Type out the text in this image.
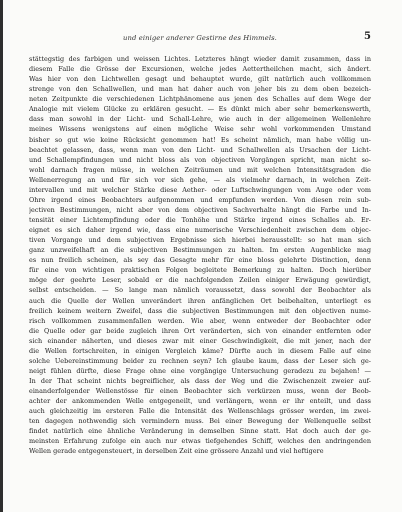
und einiger anderer Gestirne des Himmels.	5
stättegstig des farbigen und weissen Lichtes. Letzteres hängt wieder damit zusammen, dass in
diesem Falle die Grösse der Excursionen, welche jedes Aettertheilchen macht, sich ändert.
Was hier von den Lichtwellen gesagt und behauptet wurde, gilt natürlich auch vollkommen
strenge von den Schallwellen, und man hat daher auch von jeher bis zu dem oben bezeich-
neten Zeitpunkte die verschiedenen Lichtphänomene aus jenen des Schalles auf dem Wege der
Analogie mit vielem Glücke zu erklären gesucht. — Es dünkt mich aber sehr bemerkenswerth,
dass man sowohl in der Licht- und Schall-Lehre, wie auch in der allgemeinen Wellenlehre
meines Wissens wenigstens auf einen mögliche Weise sehr wohl vorkommenden Umstand
bisher so gut wie keine Rücksicht genommen hat! Es scheint nämlich, man habe völlig un-
beachtet gelassen, dass, wenn man von den Licht- und Schallwellen als Ursachen der Licht-
und Schallempfindungen und nicht bloss als von objectiven Vorgängen spricht, man nicht so-
wohl darnach fragen müsse, in welchen Zeiträumen und mit welchen Intensitätsgraden die
Wellenerregung an und für sich vor sich gehe, — als vielmehr darnach, in welchen Zeit-
intervallen und mit welcher Stärke diese Aether- oder Luftschwingungen vom Auge oder vom
Ohre irgend eines Beobachters aufgenommen und empfunden werden. Von diesen rein sub-
jectiven Bestimmungen, nicht aber von dem objectiven Sachverhalte hängt die Farbe und In-
tensität einer Lichtempfindung oder die Tonhöhe und Stärke irgend eines Schalles ab. Er-
eignet es sich daher irgend wie, dass eine numerische Verschiedenheit zwischen dem objec-
tiven Vorgange und dem subjectiven Ergebnisse sich hierbei herausstellt: so hat man sich
ganz unzweifelhaft an die subjectiven Bestimmungen zu halten. Im ersten Augenblicke mag
es nun freilich scheinen, als sey das Gesagte mehr für eine bloss gelehrte Distinction, denn
für eine von wichtigen praktischen Folgen begleitete Bemerkung zu halten. Doch hierüber
möge der geehrte Leser, sobald er die nachfolgenden Zeilen einiger Erwägung gewürdigt,
selbst entscheiden. — So lange man nämlich voraussetzt, dass sowohl der Beobachter als
auch die Quelle der Wellen unverändert ihren anfänglichen Ort beibehalten, unterliegt es
freilich keinem weitern Zweifel, dass die subjectiven Bestimmungen mit den objectiven nume-
risch vollkommen zusammenfallen werden. Wie aber, wenn entweder der Beobachter oder
die Quelle oder gar beide zugleich ihren Ort veränderten, sich von einander entfernten oder
sich einander näherten, und dieses zwar mit einer Geschwindigkeit, die mit jener, nach der
die Wellen fortschreiten, in einigen Vergleich käme? Dürfte auch in diesem Falle auf eine
solche Uebereinstimmung beider zu rechnen seyn? Ich glaube kaum, dass der Leser sich ge-
neigt fühlen dürfte, diese Frage ohne eine vorgängige Untersuchung geradezu zu bejahen! —
In der That scheint nichts begreiflicher, als dass der Weg und die Zwischenzeit zweier auf-
einanderfolgender Wellenstösse für einen Beobachter sich verkürzen muss, wenn der Beob-
achter der ankommenden Welle entgegeneilt, und verlängern, wenn er ihr enteilt, und dass
auch gleichzeitig im ersteren Falle die Intensität des Wellenschlags grösser werden, im zwei-
ten dagegen nothwendig sich vermindern muss. Bei einer Bewegung der Wellenquelle selbst
findet natürlich eine ähnliche Veränderung in demselben Sinne statt. Hat doch auch der ge-
meinsten Erfahrung zufolge ein auch nur etwas tiefgehendes Schiff, welches den andringenden
Wellen gerade entgegensteuert, in derselben Zeit eine grössere Anzahl und viel heftigere
